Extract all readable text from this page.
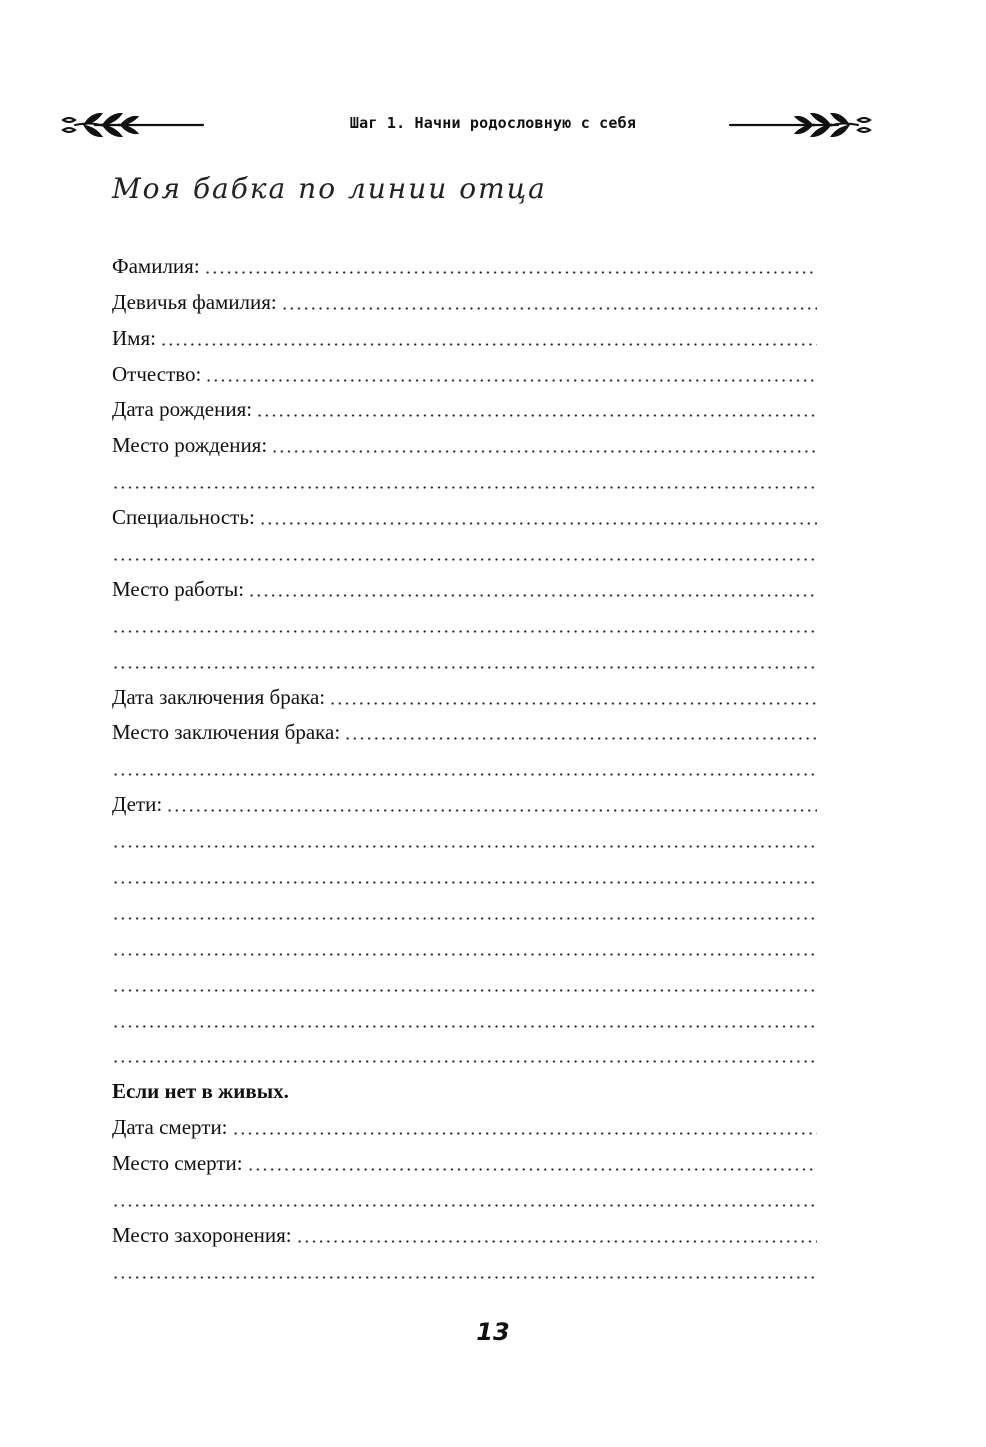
Шаг 1. Начни родословную с себя
Моя бабка по линии отца
Фамилия:
Девичья фамилия:
Имя:
Отчество:
Дата рождения:
Место рождения:
Специальность:
Место работы:
Дата заключения брака:
Место заключения брака:
Дети:
Если нет в живых.
Дата смерти:
Место смерти:
Место захоронения:
13
